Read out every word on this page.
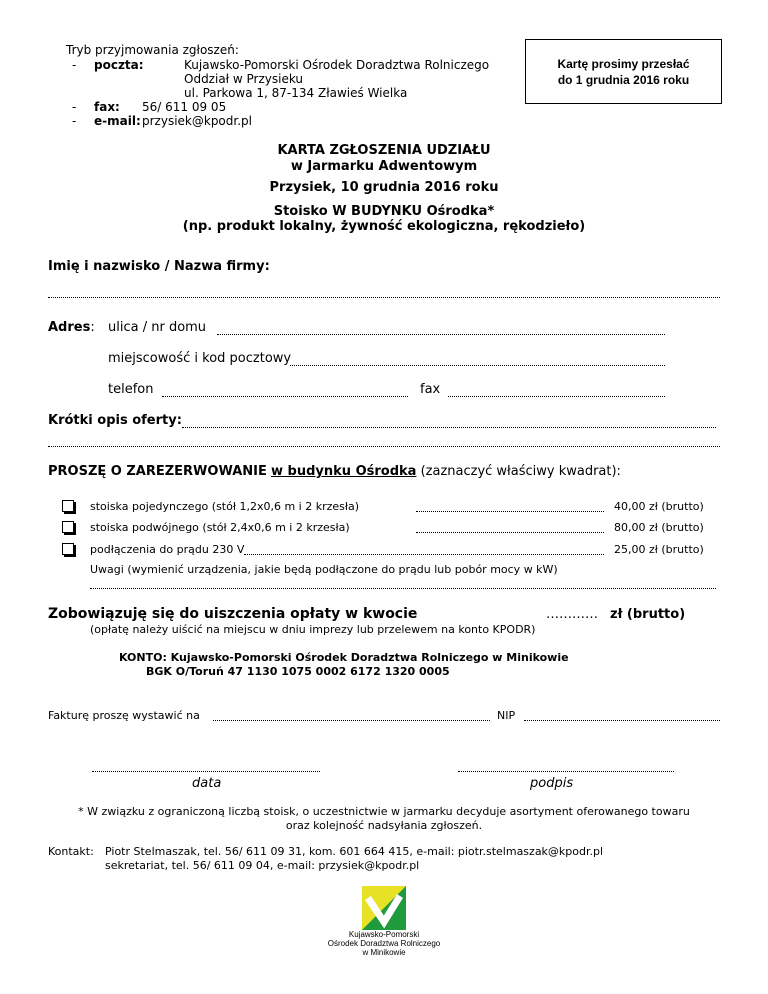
Tryb przyjmowania zgłoszeń:
- poczta:	Kujawsko-Pomorski Ośrodek Doradztwa Rolniczego
Oddział w Przysieku
ul. Parkowa 1, 87-134 Zławieś Wielka
- fax: 56/ 611 09 05
- e-mail: przysiek@kpodr.pl
Kartę prosimy przesłać
do 1 grudnia 2016 roku
KARTA ZGŁOSZENIA UDZIAŁU
w Jarmarku Adwentowym
Przysiek, 10 grudnia 2016 roku
Stoisko W BUDYNKU Ośrodka*
(np. produkt lokalny, żywność ekologiczna, rękodzieło)
Imię i nazwisko / Nazwa firmy:
Adres: ulica / nr domu
miejscowość i kod pocztowy
telefon	fax
Krótki opis oferty:
PROSZĘ O ZAREZERWOWANIE w budynku Ośrodka (zaznaczyć właściwy kwadrat):
stoiska pojedynczego (stół 1,2x0,6 m i 2 krzesła)	40,00 zł (brutto)
stoiska podwójnego (stół 2,4x0,6 m i 2 krzesła)	80,00 zł (brutto)
podłączenia do prądu 230 V	25,00 zł (brutto)
Uwagi (wymienić urządzenia, jakie będą podłączone do prądu lub pobór mocy w kW)
Zobowiązuję się do uiszczenia opłaty w kwocie	………… zł (brutto)
(opłatę należy uiścić na miejscu w dniu imprezy lub przelewem na konto KPODR)
KONTO: Kujawsko-Pomorski Ośrodek Doradztwa Rolniczego w Minikowie
BGK O/Toruń 47 1130 1075 0002 6172 1320 0005
Fakturę proszę wystawić na	NIP
data	podpis
* W związku z ograniczoną liczbą stoisk, o uczestnictwie w jarmarku decyduje asortyment oferowanego towaru
oraz kolejność nadsyłania zgłoszeń.
Kontakt: Piotr Stelmaszak, tel. 56/ 611 09 31, kom. 601 664 415, e-mail: piotr.stelmaszak@kpodr.pl
sekretariat, tel. 56/ 611 09 04, e-mail: przysiek@kpodr.pl
Kujawsko-Pomorski
Ośrodek Doradztwa Rolniczego
w Minikowie
